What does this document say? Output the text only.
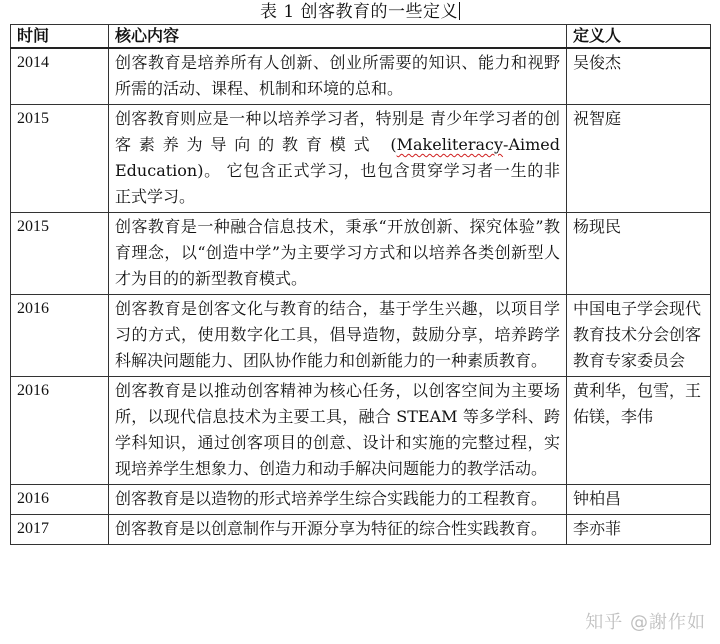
表 1 创客教育的一些定义
时间	核心内容	定义人
2014	创客教育是培养所有人创新、创业所需要的知识、能力和视野所需的活动、课程、机制和环境的总和。	吴俊杰
2015	创客教育则应是一种以培养学习者，特别是 青少年学习者的创客素养为导向的教育模式 (Makeliteracy-Aimed Education)。 它包含正式学习，也包含贯穿学习者一生的非正式学习。	祝智庭
2015	创客教育是一种融合信息技术，秉承“开放创新、探究体验”教育理念，以“创造中学”为主要学习方式和以培养各类创新型人才为目的的新型教育模式。	杨现民
2016	创客教育是创客文化与教育的结合，基于学生兴趣，以项目学习的方式，使用数字化工具，倡导造物，鼓励分享，培养跨学科解决问题能力、团队协作能力和创新能力的一种素质教育。	中国电子学会现代教育技术分会创客教育专家委员会
2016	创客教育是以推动创客精神为核心任务，以创客空间为主要场所，以现代信息技术为主要工具，融合 STEAM 等多学科、跨学科知识，通过创客项目的创意、设计和实施的完整过程，实现培养学生想象力、创造力和动手解决问题能力的教学活动。	黄利华，包雪，王佑镁，李伟
2016	创客教育是以造物的形式培养学生综合实践能力的工程教育。	钟柏昌
2017	创客教育是以创意制作与开源分享为特征的综合性实践教育。	李亦菲
知乎 @謝作如
